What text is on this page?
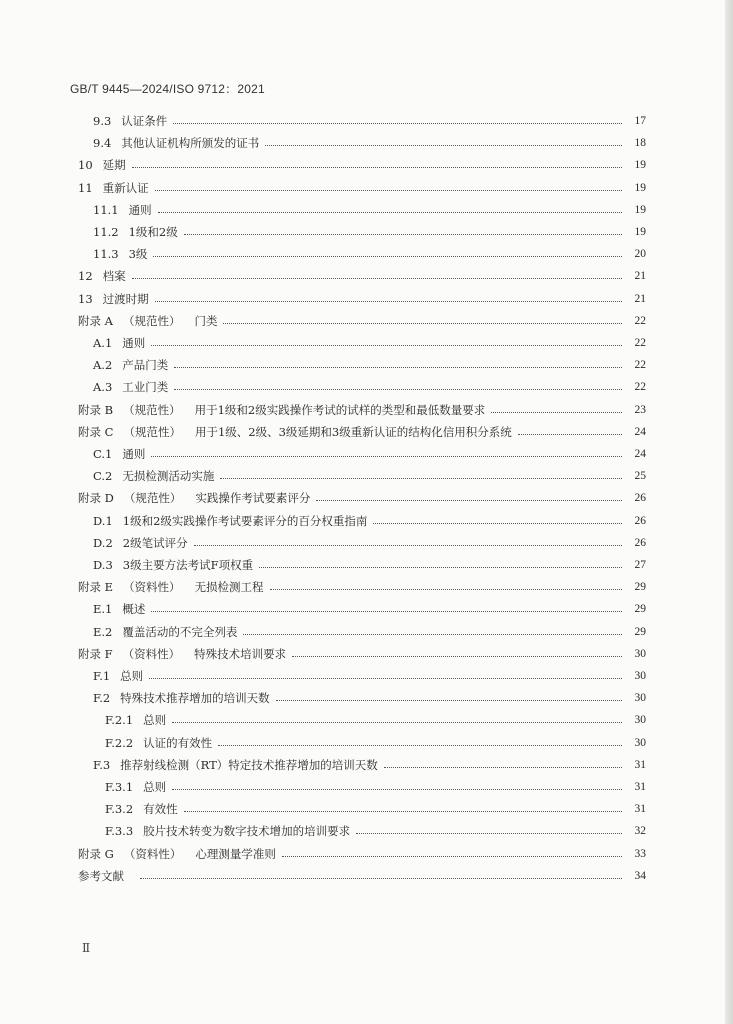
GB/T 9445—2024/ISO 9712：2021
9.3 认证条件	17
9.4 其他认证机构所颁发的证书	18
10 延期	19
11 重新认证	19
11.1 通则	19
11.2 1级和2级	19
11.3 3级	20
12 档案	21
13 过渡时期	21
附录 A （规范性）	门类	22
A.1 通则	22
A.2 产品门类	22
A.3 工业门类	22
附录 B （规范性）	用于1级和2级实践操作考试的试样的类型和最低数量要求	23
附录 C （规范性）	用于1级、2级、3级延期和3级重新认证的结构化信用积分系统	24
C.1 通则	24
C.2 无损检测活动实施	25
附录 D （规范性）	实践操作考试要素评分	26
D.1 1级和2级实践操作考试要素评分的百分权重指南	26
D.2 2级笔试评分	26
D.3 3级主要方法考试F项权重	27
附录 E （资料性）	无损检测工程	29
E.1 概述	29
E.2 覆盖活动的不完全列表	29
附录 F （资料性）	特殊技术培训要求	30
F.1 总则	30
F.2 特殊技术推荐增加的培训天数	30
F.2.1 总则	30
F.2.2 认证的有效性	30
F.3 推荐射线检测（RT）特定技术推荐增加的培训天数	31
F.3.1 总则	31
F.3.2 有效性	31
F.3.3 胶片技术转变为数字技术增加的培训要求	32
附录 G （资料性）	心理测量学准则	33
参考文献	34
Ⅱ
